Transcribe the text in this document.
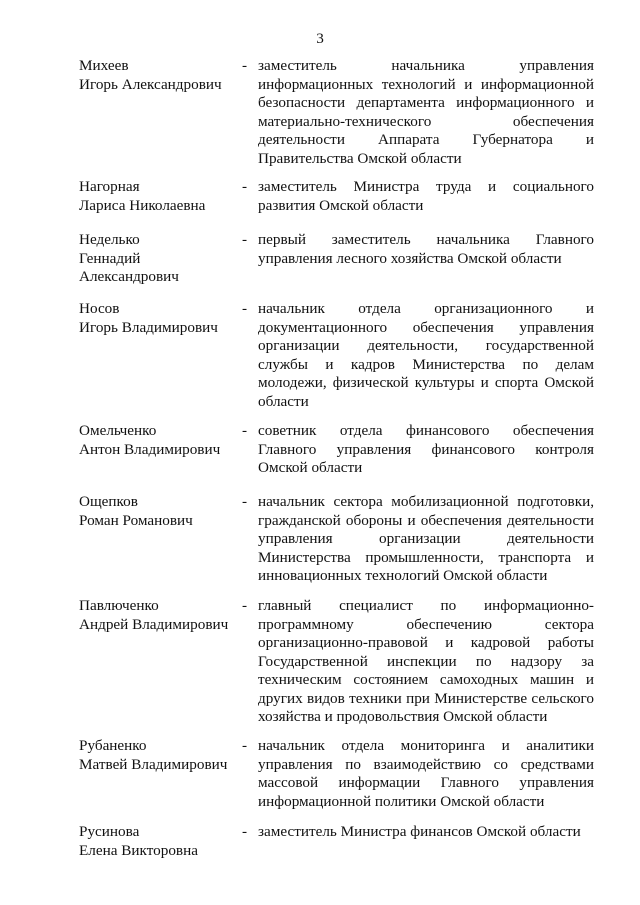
3
Михеев
Игорь Александрович
- заместитель начальника управления
информационных технологий и информационной
безопасности департамента информационного и
материально-технического обеспечения
деятельности Аппарата Губернатора и
Правительства Омской области
Нагорная
Лариса Николаевна
- заместитель Министра труда и социального
развития Омской области
Неделько
Геннадий
Александрович
- первый заместитель начальника Главного
управления лесного хозяйства Омской области
Носов
Игорь Владимирович
- начальник отдела организационного и
документационного обеспечения управления
организации деятельности, государственной
службы и кадров Министерства по делам
молодежи, физической культуры и спорта Омской
области
Омельченко
Антон Владимирович
- советник отдела финансового обеспечения
Главного управления финансового контроля
Омской области
Ощепков
Роман Романович
- начальник сектора мобилизационной подготовки,
гражданской обороны и обеспечения деятельности
управления организации деятельности
Министерства промышленности, транспорта и
инновационных технологий Омской области
Павлюченко
Андрей Владимирович
- главный специалист по информационно-
программному обеспечению сектора
организационно-правовой и кадровой работы
Государственной инспекции по надзору за
техническим состоянием самоходных машин и
других видов техники при Министерстве сельского
хозяйства и продовольствия Омской области
Рубаненко
Матвей Владимирович
- начальник отдела мониторинга и аналитики
управления по взаимодействию со средствами
массовой информации Главного управления
информационной политики Омской области
Русинова
Елена Викторовна
- заместитель Министра финансов Омской области
